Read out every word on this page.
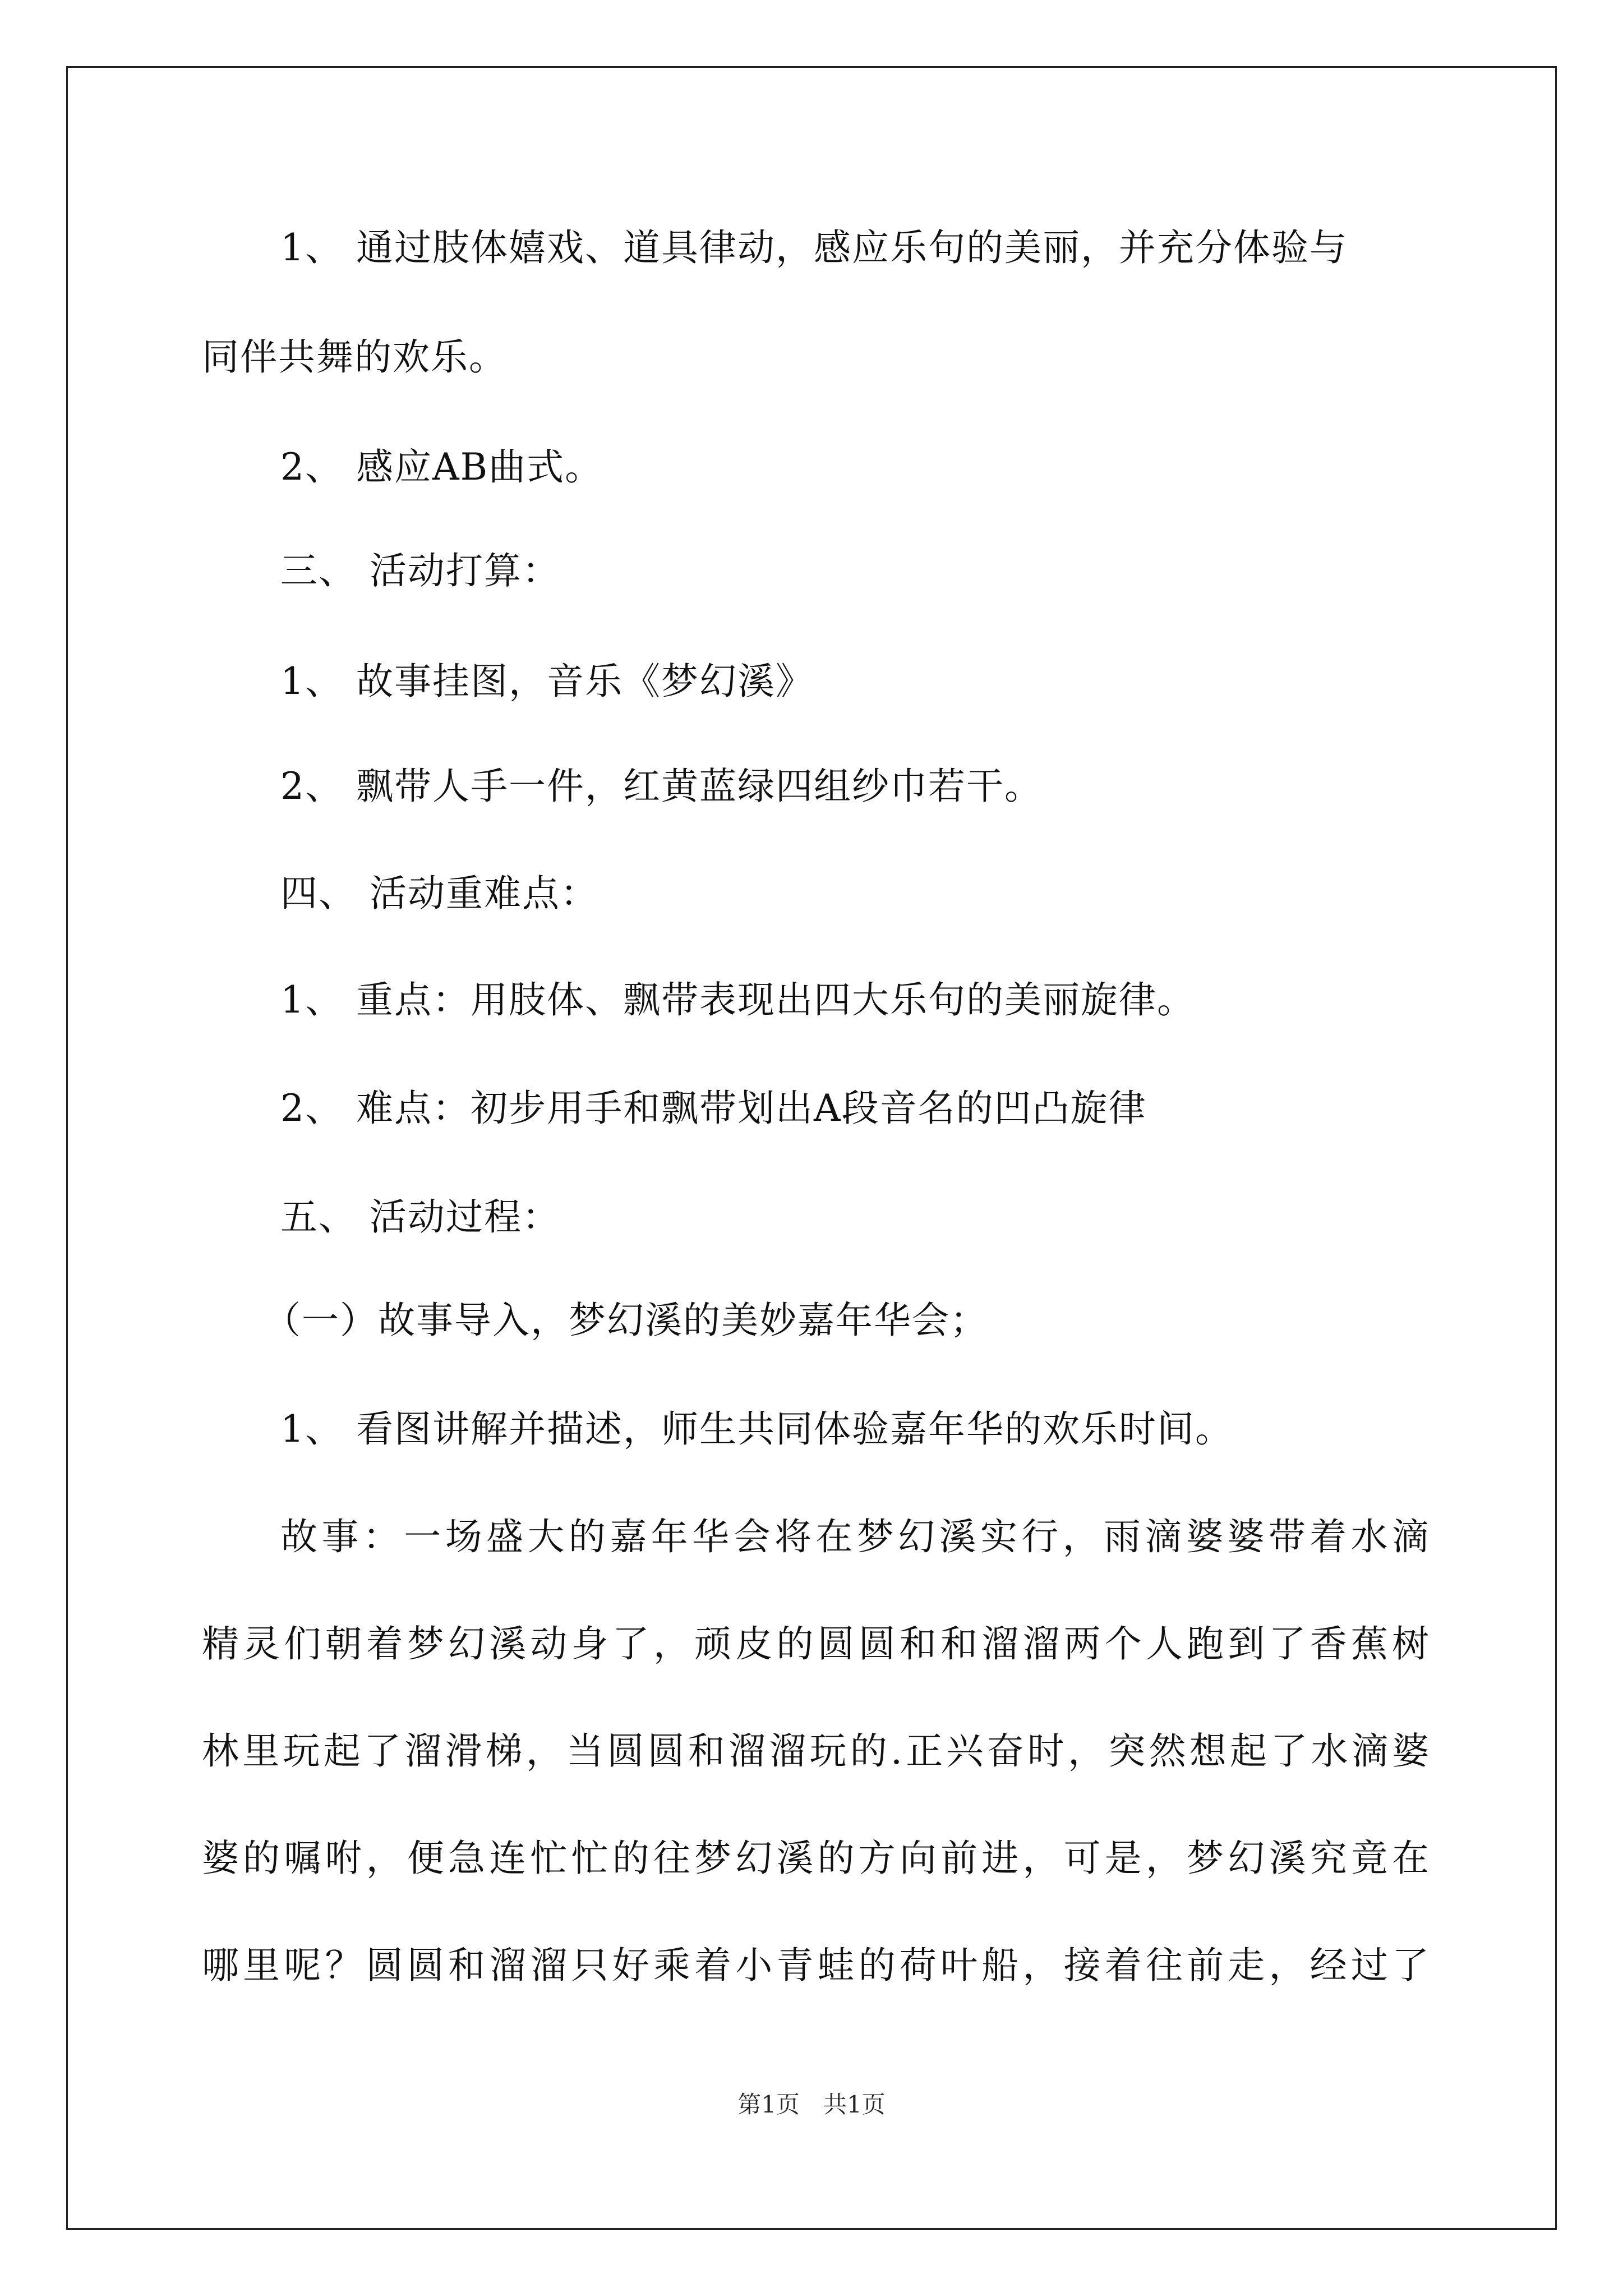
1、 通过肢体嬉戏、道具律动，感应乐句的美丽，并充分体验与
同伴共舞的欢乐。
2、 感应AB曲式。
三、 活动打算：
1、 故事挂图，音乐《梦幻溪》
2、 飘带人手一件，红黄蓝绿四组纱巾若干。
四、 活动重难点：
1、 重点：用肢体、飘带表现出四大乐句的美丽旋律。
2、 难点：初步用手和飘带划出A段音名的凹凸旋律
五、 活动过程：
（一）故事导入，梦幻溪的美妙嘉年华会；
1、 看图讲解并描述，师生共同体验嘉年华的欢乐时间。
故事：一场盛大的嘉年华会将在梦幻溪实行，雨滴婆婆带着水滴
精灵们朝着梦幻溪动身了，顽皮的圆圆和和溜溜两个人跑到了香蕉树
林里玩起了溜滑梯，当圆圆和溜溜玩的.正兴奋时，突然想起了水滴婆
婆的嘱咐，便急连忙忙的往梦幻溪的方向前进，可是，梦幻溪究竟在
哪里呢？圆圆和溜溜只好乘着小青蛙的荷叶船，接着往前走，经过了
第1页　共1页
